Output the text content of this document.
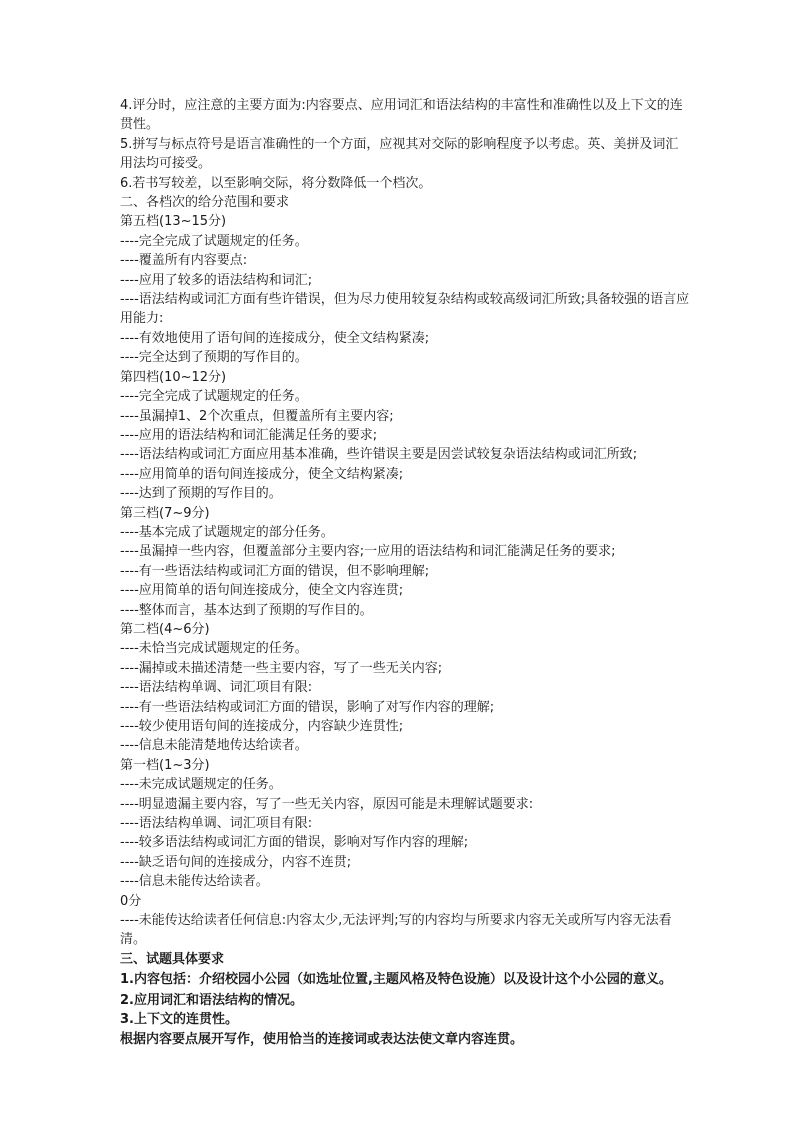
4.评分时，应注意的主要方面为:内容要点、应用词汇和语法结构的丰富性和准确性以及上下文的连贯性。

5.拼写与标点符号是语言准确性的一个方面，应视其对交际的影响程度予以考虑。英、美拼及词汇用法均可接受。

6.若书写较差，以至影响交际，将分数降低一个档次。

二、各档次的给分范围和要求

第五档(13~15分)

----完全完成了试题规定的任务。

----覆盖所有内容要点:

----应用了较多的语法结构和词汇;

----语法结构或词汇方面有些许错误，但为尽力使用较复杂结构或较高级词汇所致;具备较强的语言应用能力:

----有效地使用了语句间的连接成分，使全文结构紧凑;

----完全达到了预期的写作目的。

第四档(10~12分)

----完全完成了试题规定的任务。

----虽漏掉1、2个次重点，但覆盖所有主要内容;

----应用的语法结构和词汇能满足任务的要求;

----语法结构或词汇方面应用基本准确，些许错误主要是因尝试较复杂语法结构或词汇所致;

----应用简单的语句间连接成分，使全文结构紧凑;

----达到了预期的写作目的。

第三档(7~9分)

----基本完成了试题规定的部分任务。

----虽漏掉一些内容，但覆盖部分主要内容;一应用的语法结构和词汇能满足任务的要求;

----有一些语法结构或词汇方面的错误，但不影响理解;

----应用简单的语句间连接成分，使全文内容连贯;

----整体而言，基本达到了预期的写作目的。

第二档(4~6分)

----未恰当完成试题规定的任务。

----漏掉或未描述清楚一些主要内容，写了一些无关内容;

----语法结构单调、词汇项目有限:

----有一些语法结构或词汇方面的错误，影响了对写作内容的理解;

----较少使用语句间的连接成分，内容缺少连贯性;

----信息未能清楚地传达给读者。

第一档(1~3分)

----未完成试题规定的任务。

----明显遗漏主要内容，写了一些无关内容，原因可能是未理解试题要求:

----语法结构单调、词汇项目有限:

----较多语法结构或词汇方面的错误，影响对写作内容的理解;

----缺乏语句间的连接成分，内容不连贯;

----信息未能传达给读者。

0分

----未能传达给读者任何信息:内容太少,无法评判;写的内容均与所要求内容无关或所写内容无法看清。

三、试题具体要求

1.内容包括：介绍校园小公园（如选址位置,主题风格及特色设施）以及设计这个小公园的意义。

2.应用词汇和语法结构的情况。

3.上下文的连贯性。

根据内容要点展开写作，使用恰当的连接词或表达法使文章内容连贯。
